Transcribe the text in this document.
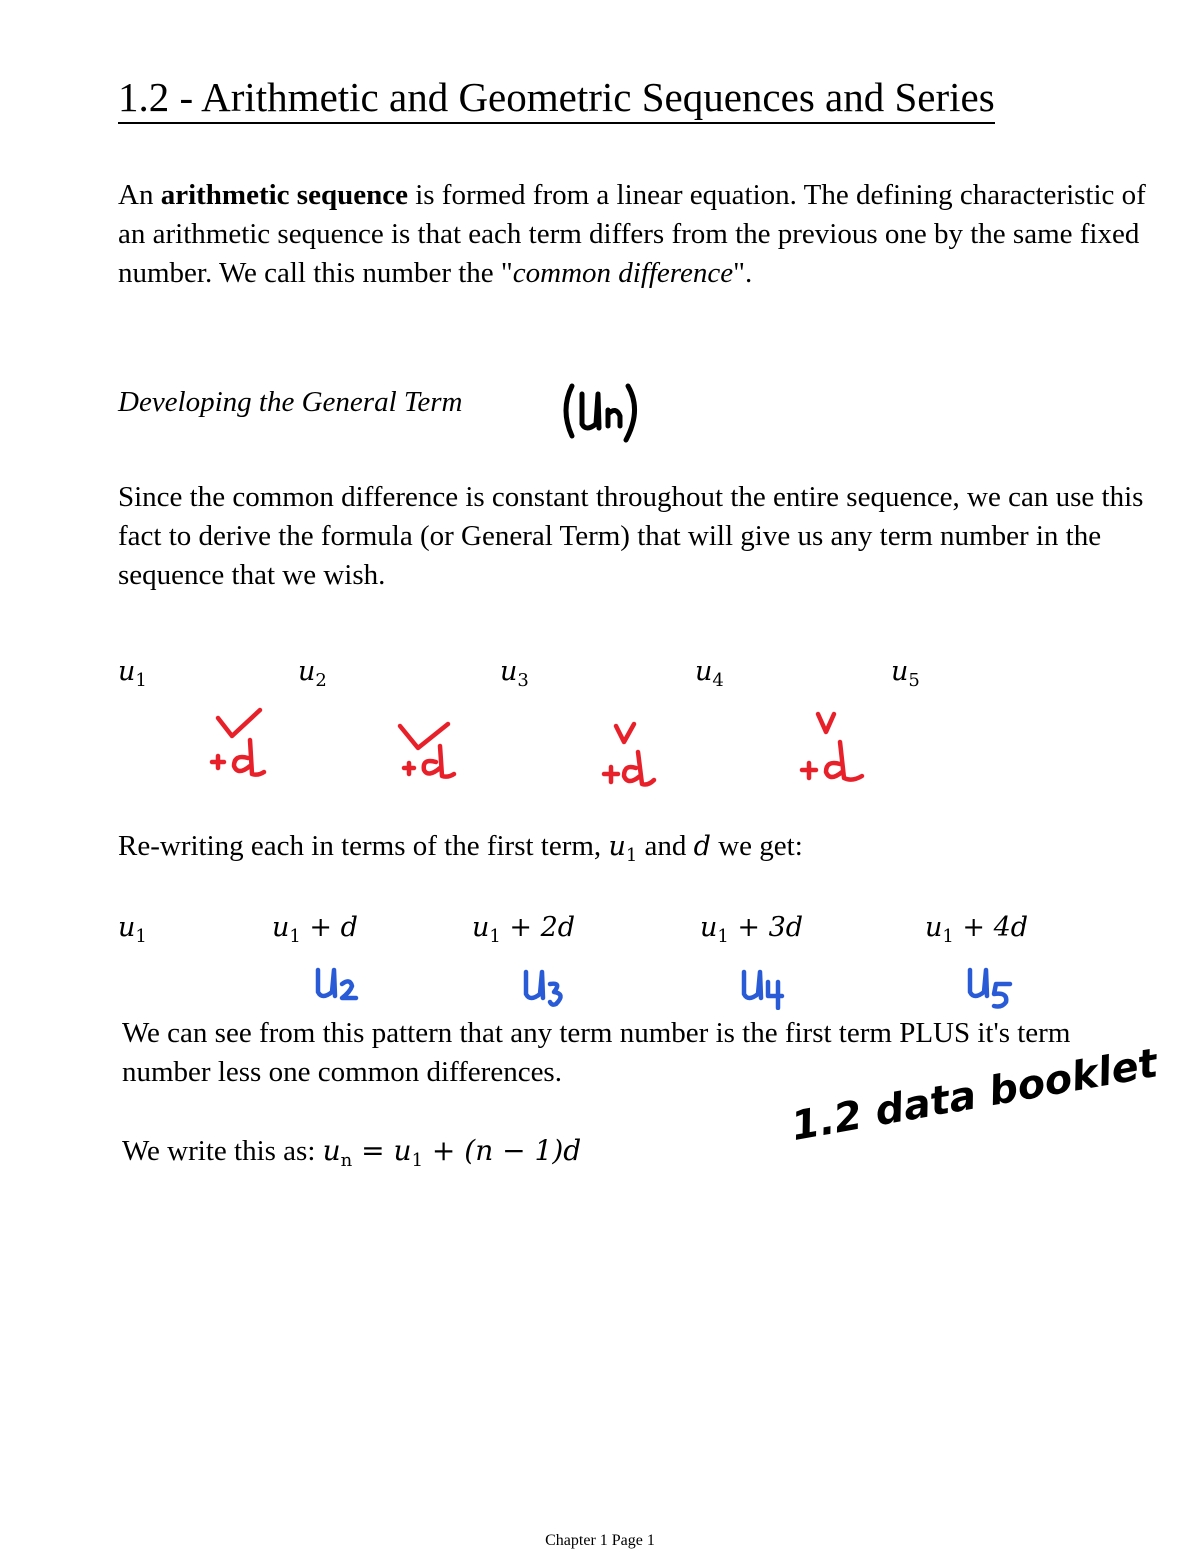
1.2 - Arithmetic and Geometric Sequences and Series

An arithmetic sequence is formed from a linear equation. The defining characteristic of an arithmetic sequence is that each term differs from the previous one by the same fixed number. We call this number the "common difference".

Developing the General Term

Since the common difference is constant throughout the entire sequence, we can use this fact to derive the formula (or General Term) that will give us any term number in the sequence that we wish.

$u_1$	$u_2$	$u_3$	$u_4$	$u_5$
Re-writing each in terms of the first term, $u_1$ and d we get:
$u_1$	$u_1 + d$	$u_1 + 2d$	$u_1 + 3d$	$u_1 + 4d$

We can see from this pattern that any term number is the first term PLUS it's term number less one common differences.

We write this as: $u_n = u_1 + (n - 1)d$
1.2 data booklet
Chapter 1 Page 1
